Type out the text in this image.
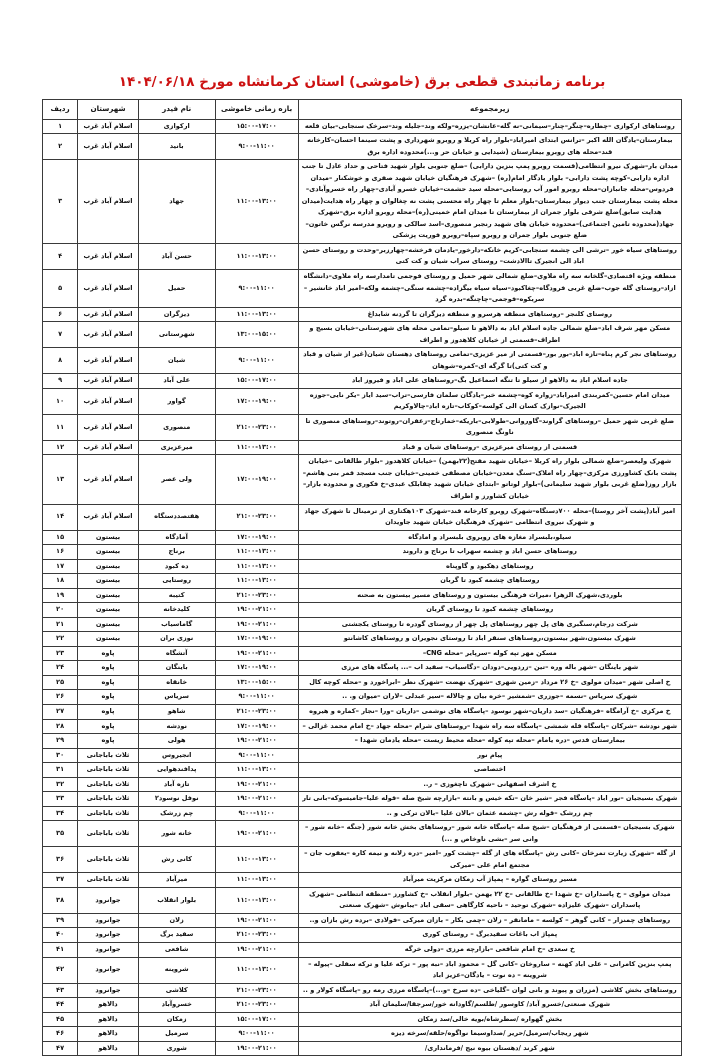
برنامه زمانبندی قطعی برق (خاموشی) استان کرمانشاه مورخ ۱۴۰۴/۰۶/۱۸
زیرمجموعه	بازه زمانی خاموشی	نام فیدر	شهرستان	ردیف
روستاهای ارکوازی –چطاره–چنگر–چنار–سیمانی–نه گله–عانشان–یزره–ولکه وند–جلیله وند–سرخک سنجابی–بیان قلعه	۱۵:۰۰-۱۷:۰۰	ارکوازی	اسلام آباد غرب	۱
بیمارستان–یادگان الله اکبر –ترانس ابتدای امیراباد–بلوار راه کربلا و روبرو شهرداری و پشت سینما احسان–کارخانه قند–محله های روبرو بیمارستان (شیدایی و خیابان حر و...)محدوده اداره برق	۹:۰۰-۱۱:۰۰	بانید	اسلام آباد غرب	۲
میدان بار–شهرک نیرو انتظامی(قسمت روبرو پمپ بنزین دارابی) –ضلع جنوبی بلوار شهید فتاحی و حداد عادل تا جنب اداره دارابی–کوچه پشت دارابی– بلوار یادگار امام(ره) –شهرک فرهنگیان خیابان شهید صفری و خوشکنار –میدان فردوس–محله جانبازان–محله روبرو امور آب روستایی–محله سید حشمت–خیابان خسرو آبادی–چهار راه خسروآبادی–محله پشت بیمارستان جنب دیوار بیمارستان–بلوار معلم تا چهار راه محسنی پشت نه چغالوان و چهار راه هدایت(میدان هدایت سابق)ضلع شرقی بلوار جمران از بیمارستان تا میدان امام خمینی(ره)–محله روبرو اداره برق–شهرک جهاد(محدوده تامین اجتماعی)–محدوده خیابان های شهید رنجبر منصوری–اسد سالکی و روبرو مدرسه نرگس خاتون–ضلع جنوبی بلوار جمران و روبرو سپاه–روبرو فوریت پزشکی	۱۱:۰۰-۱۳:۰۰	جهاد	اسلام آباد غرب	۳
روستاهای سیاه خور –ترشی الی چشمه سنجابی–کریم خانکه–دارخور–یادمان فرخشه–چهارزبر–وحدت و روستای حسن اباد الی انجیرک تاالادشت– روستای سراب شیان و کت کتی	۱۱:۰۰-۱۳:۰۰	حسن آباد	اسلام آباد غرب	۴
منطقه ویژه اقتصادی–گلخانه سه راه ملاوی–ضلع شمالی شهر حمیل و روستای فوجمی تامدارسه راه ملاوی–دانشگاه ازاد–روستای گله جوب–ضلع غربی فرودگاه–چغاکبود–سیاه سیاه بیگزاده–چشمه سنگی–چشمه ولکه–امیر اباد خانشیر –سربکوه–فوجمی–چاچنگه–بدره گرد	۹:۰۰-۱۱:۰۰	حمیل	اسلام آباد غرب	۵
روستای کلنجر –روستاهای منطقه هرسرو و منطقه دیزگران تا گردنه شابداغ	۱۱:۰۰-۱۳:۰۰	دیزگران	اسلام آباد غرب	۶
مسکن مهر شرف اباد–ضلع شمالی جاده اسلام اباد به دالاهو تا سیلو–تمامی محله های شهرستانی–خیابان بسیج و اطراف–قسمتی از خیابان کلاهدوز و اطراف	۱۳:۰۰-۱۵:۰۰	شهرستانی	اسلام آباد غرب	۷
روستاهای نجر کرم پناه–تازه اباد–بور بور–قسمتی از میر عزیزی–تمامی روستاهای دهستان شیان(غیر از شیان و قباد و کت کتی)تا گرگه ای–کمره–شوهان	۹:۰۰-۱۱:۰۰	شیان	اسلام آباد غرب	۸
جاده اسلام اباد به دالاهو از سیلو تا تنگه اسماعیل بگ–روستاهای علی اباد و فیروز اباد	۱۵:۰۰-۱۷:۰۰	علی آباد	اسلام آباد غرب	۹
میدان امام حسین–کمربندی امیراباد–زواره کوه–چشمه خبر–یادگان سلمان فارسی–تراب–سید ایاز –یکر نایی–جوزه الجیرک–نوازک کسان الی کولسه–کوکاب–تازه اباد–چالاوکریم	۱۷:۰۰-۱۹:۰۰	گواور	اسلام آباد غرب	۱۰
ضلع غربی شهر حمیل –روستاهای گراوند–گاوروانی–طولابی–باریکه–خمارتاج–زعفران–روتوند–روستاهای منصوری تا ناونگ منصوری	۲۱:۰۰-۲۳:۰۰	منصوری	اسلام آباد غرب	۱۱
قسمتی از روستای میرعزیزی –روستاهای شیان و قباد	۱۱:۰۰-۱۳:۰۰	میرعزیزی	اسلام آباد غرب	۱۲
شهرک ولیعصر–ضلع شمالی بلوار راه کربلا –خیابان شهید مفتح(۲۲بهمن) –خیابان کلاهدوز –بلوار طالقانی –خیابان پشت بانک کشاورزی مرکزی–چهار راه املاک–سنگ معدن–خیابان مصطفی خمینی–خیابان جنب مسجد قمر بنی هاشم–بازار روز(ضلع غربی بلوار شهید سلیمانی)–بلوار لوتاتو –ابتدای خیابان شهید چقابلک عبدی–خ فکوری و محدوده بازار–خیابان کشاورز و اطراف	۱۷:۰۰-۱۹:۰۰	ولی عصر	اسلام آباد غرب	۱۳
امیر آباد(پشت آخر روستا)–محله ۷۰۰دستگاه–شهرک روبرو کارخانه قند–شهرک ۱۰۳هکتاری از ترمینال تا شهرک جهاد و شهرک نیروی انتظامی –شهرک فرهنگیان خیابان شهید جاویدان	۲۱:۰۰-۲۳:۰۰	هفتصددستگاه	اسلام آباد غرب	۱۴
سیلو،بلبسراد مغازه های روبروی بلبسراد و امادگاه	۱۷:۰۰-۱۹:۰۰	آمادگاه	بیستون	۱۵
روستاهای حسن اباد و چشمه سهراب تا برناج و داروند	۱۱:۰۰-۱۳:۰۰	برناج	بیستون	۱۶
روستاهای دهکبود و گاوپناه	۱۱:۰۰-۱۳:۰۰	ده کبود	بیستون	۱۷
روستاهای چشمه کبود تا گربان	۱۱:۰۰-۱۳:۰۰	روستایی	بیستون	۱۸
بلوردی،شهرک الزهرا ،میراث فرهنگی بیستون و روستاهای مسیر بیستون به صحنه	۲۱:۰۰-۲۳:۰۰	کتیبه	بیستون	۱۹
روستاهای چشمه کبود تا روستای گربان	۱۹:۰۰-۲۱:۰۰	کلیدخانه	بیستون	۲۰
شرکت درجام،سنگبری های پل چهر روستاهای پل چهر از روستای گودره تا روستای یکجشتی	۱۹:۰۰-۲۱:۰۰	گاماسیاب	بیستون	۲۱
شهرک بیستون،شهر بیستون،روستاهای سنقر اباد تا روستای نجویران و روستاهای کاشانتو	۱۷:۰۰-۱۹:۰۰	نوزی بران	بیستون	۲۲
مسکن مهر تپه کوله –سرپایر –محله CNG–	۱۹:۰۰-۲۱:۰۰	آتشگاه	پاوه	۲۳
شهر باینگان –شهر باله وره –تین –زردویی–دودان –دگاسیاب– سفید اب –... پاسگاه های مرزی	۱۷:۰۰-۱۹:۰۰	باینگان	پاوه	۲۴
خ اصلی شهر –میدان مولوی –خ ۲۶ مرداد –زمین شهری –شهرک نهضت –شهرک نظر –ابراخورد و –محله کوچه کال	۱۳:۰۰-۱۵:۰۰	خانقاه	پاوه	۲۵
شهرک سریاس –نسمه –جوزری –شمشیر –خره بیان و چالاله –سیر عبدلی –لاران –میوان و. ..	۹:۰۰-۱۱:۰۰	سریاس	پاوه	۲۶
خ مرکزی –خ آرامگاه –فرهنگیان –سد داریان–شهر نوسود –پاسگاه های نوشمی –داربان –ورا –نجار –کماره و هیروه	۲۱:۰۰-۲۳:۰۰	شاهو	پاوه	۲۷
شهر نودشه –شرکان –پاسگاه قله شمشی –پاسگاه سه راه شهدا –روستاهای شرام –محله جهاد –خ امام محمد غزالی –	۱۷:۰۰-۱۹:۰۰	نودشه	پاوه	۲۸
بیمارستان قدس –دره یامام –محله تپه کوله –محله محیط زیست –محله یادمان شهدا –	۱۹:۰۰-۲۱:۰۰	هولی	پاوه	۲۹
پیام نور	۹:۰۰-۱۱:۰۰	انجیروس	ثلاث باباجانی	۳۰
اختصاصی	۱۱:۰۰-۱۳:۰۰	پدافندهوایی	ثلاث باباجانی	۳۱
خ اشرف اصفهانی –شهرک تاچغوزی – ر..	۱۹:۰۰-۲۱:۰۰	تازه آباد	ثلاث باباجانی	۳۲
شهرک بسیجیان –نور اباد –پاسگاه فجر –شیر خان –تکه خیس و بانته –بازارچه شیخ صله –قوله علیا–جامیسوکه–بانی تار	۱۹:۰۰-۲۱:۰۰	نوفل نوسود۲	ثلاث باباجانی	۳۳
چم زرشک –قوله رش –چشمه عثمان –بالان علیا –بالان ترکی و ..	۹:۰۰-۱۱:۰۰	چم زرشک	ثلاث باباجانی	۳۴
شهرک بسیجیان –قسمتی از فرهنگیان –شیخ صله –پاسگاه خانه شور –روستاهای بخش خانه شور (جنگه –خانه شور –وانی سر –بشی ناوخاص و ...)	۱۹:۰۰-۲۱:۰۰	خانه شور	ثلاث باباجانی	۳۵
از گله –شهرک زیارت تمرخان –کانی رش –پاسگاه های از گله –چشت کور –امیر –دره زلانه و نیمه کاره –یعقوب جان –مجتمع امام علی –میرکی	۱۱:۰۰-۱۳:۰۰	کانی رش	ثلاث باباجانی	۳۶
مسیر روستای گواره – پمپاژ آب زمکان مرکزیت میرآباد	۱۱:۰۰-۱۳:۰۰	میرآباد	ثلاث باباجانی	۳۷
میدان مولوی – خ پاسداران –خ شهدا –خ طالقانی –خ ۲۲ بهمن –بلوار انقلاب –خ کشاورز –منطقه انتظامی –شهرک پاسداران –شهرک علیزاده –شهرک توحید – ناحیه کارگاهی –سقی اباد –یبانوش –شهرک صنعتی	۱۱:۰۰-۱۳:۰۰	بلوار انقلاب	جوانرود	۳۸
روستاهای چمنزار – کانی گوهر – کولسه – مامانفر – زلان –چمی بکار – بازان میرکی –فولادی –برده رش بازان و..	۱۹:۰۰-۲۱:۰۰	زلان	جوانرود	۳۹
پمپاژ اب باغات سفیدبرگ – روستای کوری	۲۱:۰۰-۲۳:۰۰	سفید برگ	جوانرود	۴۰
خ سعدی –خ امام شافعی –بازارچه مرزی –دولی خرگه	۱۹:۰۰-۲۱:۰۰	شافعی	جوانرود	۴۱
پمپ بنزین کامرانی – علی اباد کهنه – ساروخان –کانی گل – محمود اباد –نبه پور – ترکه علیا و ترکه سفلی –پیوله – شروینه – ده نوت – یادگان–عزیز اباد	۱۱:۰۰-۱۳:۰۰	شروینه	جوانرود	۴۲
روستاهای بخش کلاشی (مزران و پیوند و بانی لوان –گلیاخی –ده سرخ –و...)–پاسگاه مرزی رمه رو –پاسگاه کولار و ..	۲۱:۰۰-۲۳:۰۰	کلاشی	جوانرود	۴۳
شهرک صنعتی/خسرو آباد/ کاوسور /طلسم/گاودانه خور/سرجقا/سلیمان آباد	۲۱:۰۰-۲۳:۰۰	خسروآباد	دالاهو	۴۴
بخش گهواره /سطرشاه/بویه خالی/سد زمکان	۱۵:۰۰-۱۷:۰۰	زمکان	دالاهو	۴۵
شهر ریجاب/سرمیل/حریر /صداوسیما نواگوه/حلقه/سرخه دیزه	۹:۰۰-۱۱:۰۰	سرمیل	دالاهو	۴۶
شهر کرند /دهستان بیوه نیج /فرمانداری/	۱۹:۰۰-۲۱:۰۰	شوری	دالاهو	۴۷
